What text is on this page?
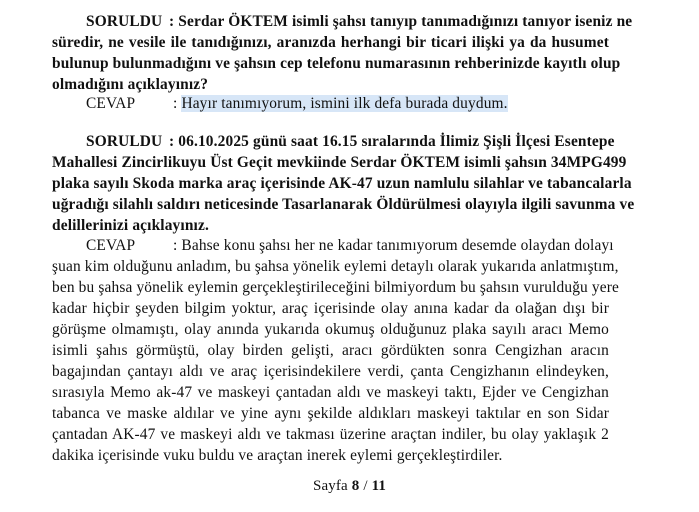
SORULDU : Serdar ÖKTEM isimli şahsı tanıyıp tanımadığınızı tanıyor iseniz ne
süredir, ne vesile ile tanıdığınızı, aranızda herhangi bir ticari ilişki ya da husumet
bulunup bulunmadığını ve şahsın cep telefonu numarasının rehberinizde kayıtlı olup
olmadığını açıklayınız?
CEVAP : Hayır tanımıyorum, ismini ilk defa burada duydum.
SORULDU : 06.10.2025 günü saat 16.15 sıralarında İlimiz Şişli İlçesi Esentepe
Mahallesi Zincirlikuyu Üst Geçit mevkiinde Serdar ÖKTEM isimli şahsın 34MPG499
plaka sayılı Skoda marka araç içerisinde AK-47 uzun namlulu silahlar ve tabancalarla
uğradığı silahlı saldırı neticesinde Tasarlanarak Öldürülmesi olayıyla ilgili savunma ve
delillerinizi açıklayınız.
CEVAP : Bahse konu şahsı her ne kadar tanımıyorum desemde olaydan dolayı
şuan kim olduğunu anladım, bu şahsa yönelik eylemi detaylı olarak yukarıda anlatmıştım,
ben bu şahsa yönelik eylemin gerçekleştirileceğini bilmiyordum bu şahsın vurulduğu yere
kadar hiçbir şeyden bilgim yoktur, araç içerisinde olay anına kadar da olağan dışı bir
görüşme olmamıştı, olay anında yukarıda okumuş olduğunuz plaka sayılı aracı Memo
isimli şahıs görmüştü, olay birden gelişti, aracı gördükten sonra Cengizhan aracın
bagajından çantayı aldı ve araç içerisindekilere verdi, çanta Cengizhanın elindeyken,
sırasıyla Memo ak-47 ve maskeyi çantadan aldı ve maskeyi taktı, Ejder ve Cengizhan
tabanca ve maske aldılar ve yine aynı şekilde aldıkları maskeyi taktılar en son Sidar
çantadan AK-47 ve maskeyi aldı ve takması üzerine araçtan indiler, bu olay yaklaşık 2
dakika içerisinde vuku buldu ve araçtan inerek eylemi gerçekleştirdiler.
Sayfa 8 / 11
